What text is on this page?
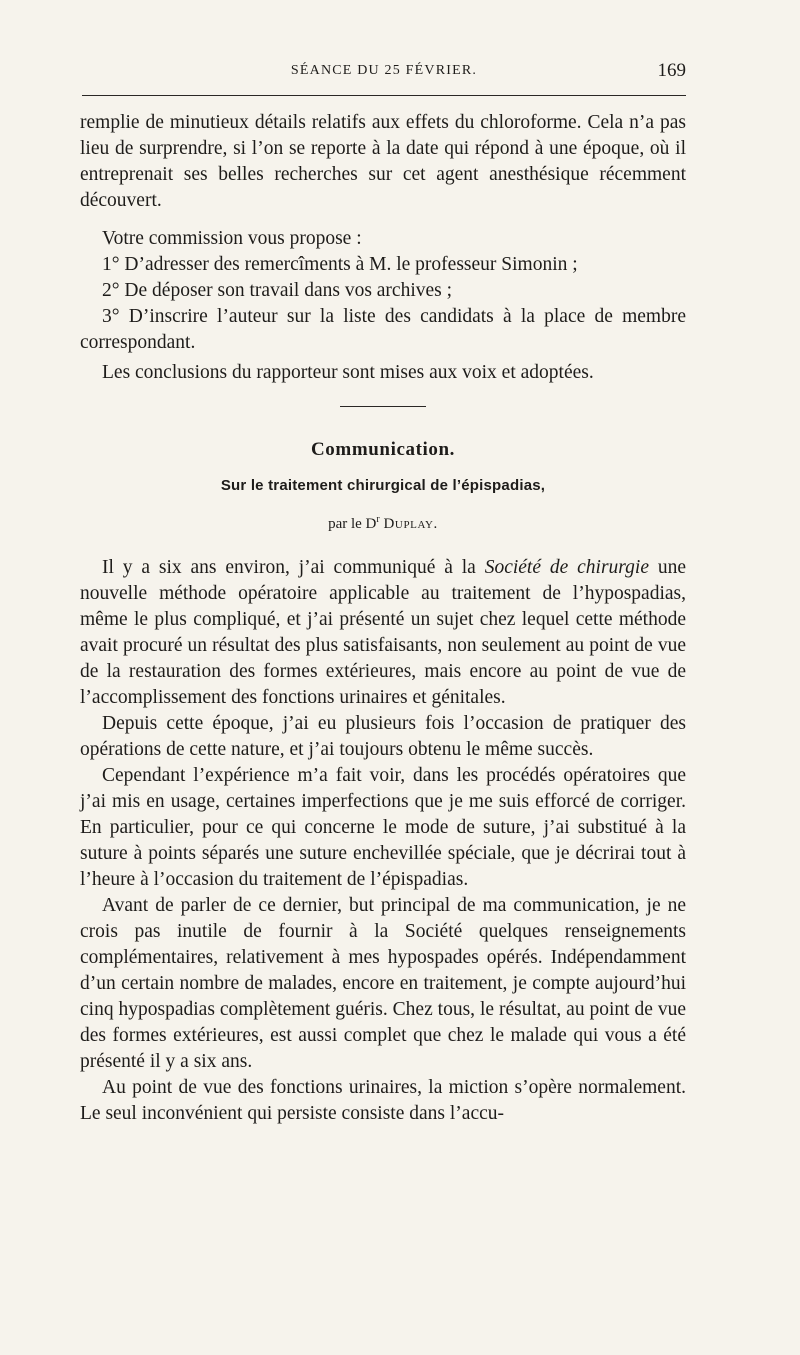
SÉANCE DU 25 FÉVRIER.	169

remplie de minutieux détails relatifs aux effets du chloroforme. Cela n’a pas lieu de surprendre, si l’on se reporte à la date qui répond à une époque, où il entreprenait ses belles recherches sur cet agent anesthésique récemment découvert.

Votre commission vous propose :

1° D’adresser des remercîments à M. le professeur Simonin ;

2° De déposer son travail dans vos archives ;

3° D’inscrire l’auteur sur la liste des candidats à la place de membre correspondant.

Les conclusions du rapporteur sont mises aux voix et adoptées.

Communication.
Sur le traitement chirurgical de l’épispadias,
par le $D^r$ Duplay.

Il y a six ans environ, j’ai communiqué à la Société de chirurgie une nouvelle méthode opératoire applicable au traitement de l’hypospadias, même le plus compliqué, et j’ai présenté un sujet chez lequel cette méthode avait procuré un résultat des plus satisfaisants, non seulement au point de vue de la restauration des formes extérieures, mais encore au point de vue de l’accomplissement des fonctions urinaires et génitales.

Depuis cette époque, j’ai eu plusieurs fois l’occasion de pratiquer des opérations de cette nature, et j’ai toujours obtenu le même succès.

Cependant l’expérience m’a fait voir, dans les procédés opératoires que j’ai mis en usage, certaines imperfections que je me suis efforcé de corriger. En particulier, pour ce qui concerne le mode de suture, j’ai substitué à la suture à points séparés une suture enchevillée spéciale, que je décrirai tout à l’heure à l’occasion du traitement de l’épispadias.

Avant de parler de ce dernier, but principal de ma communication, je ne crois pas inutile de fournir à la Société quelques renseignements complémentaires, relativement à mes hypospades opérés. Indépendamment d’un certain nombre de malades, encore en traitement, je compte aujourd’hui cinq hypospadias complètement guéris. Chez tous, le résultat, au point de vue des formes extérieures, est aussi complet que chez le malade qui vous a été présenté il y a six ans.

Au point de vue des fonctions urinaires, la miction s’opère normalement. Le seul inconvénient qui persiste consiste dans l’accu-
